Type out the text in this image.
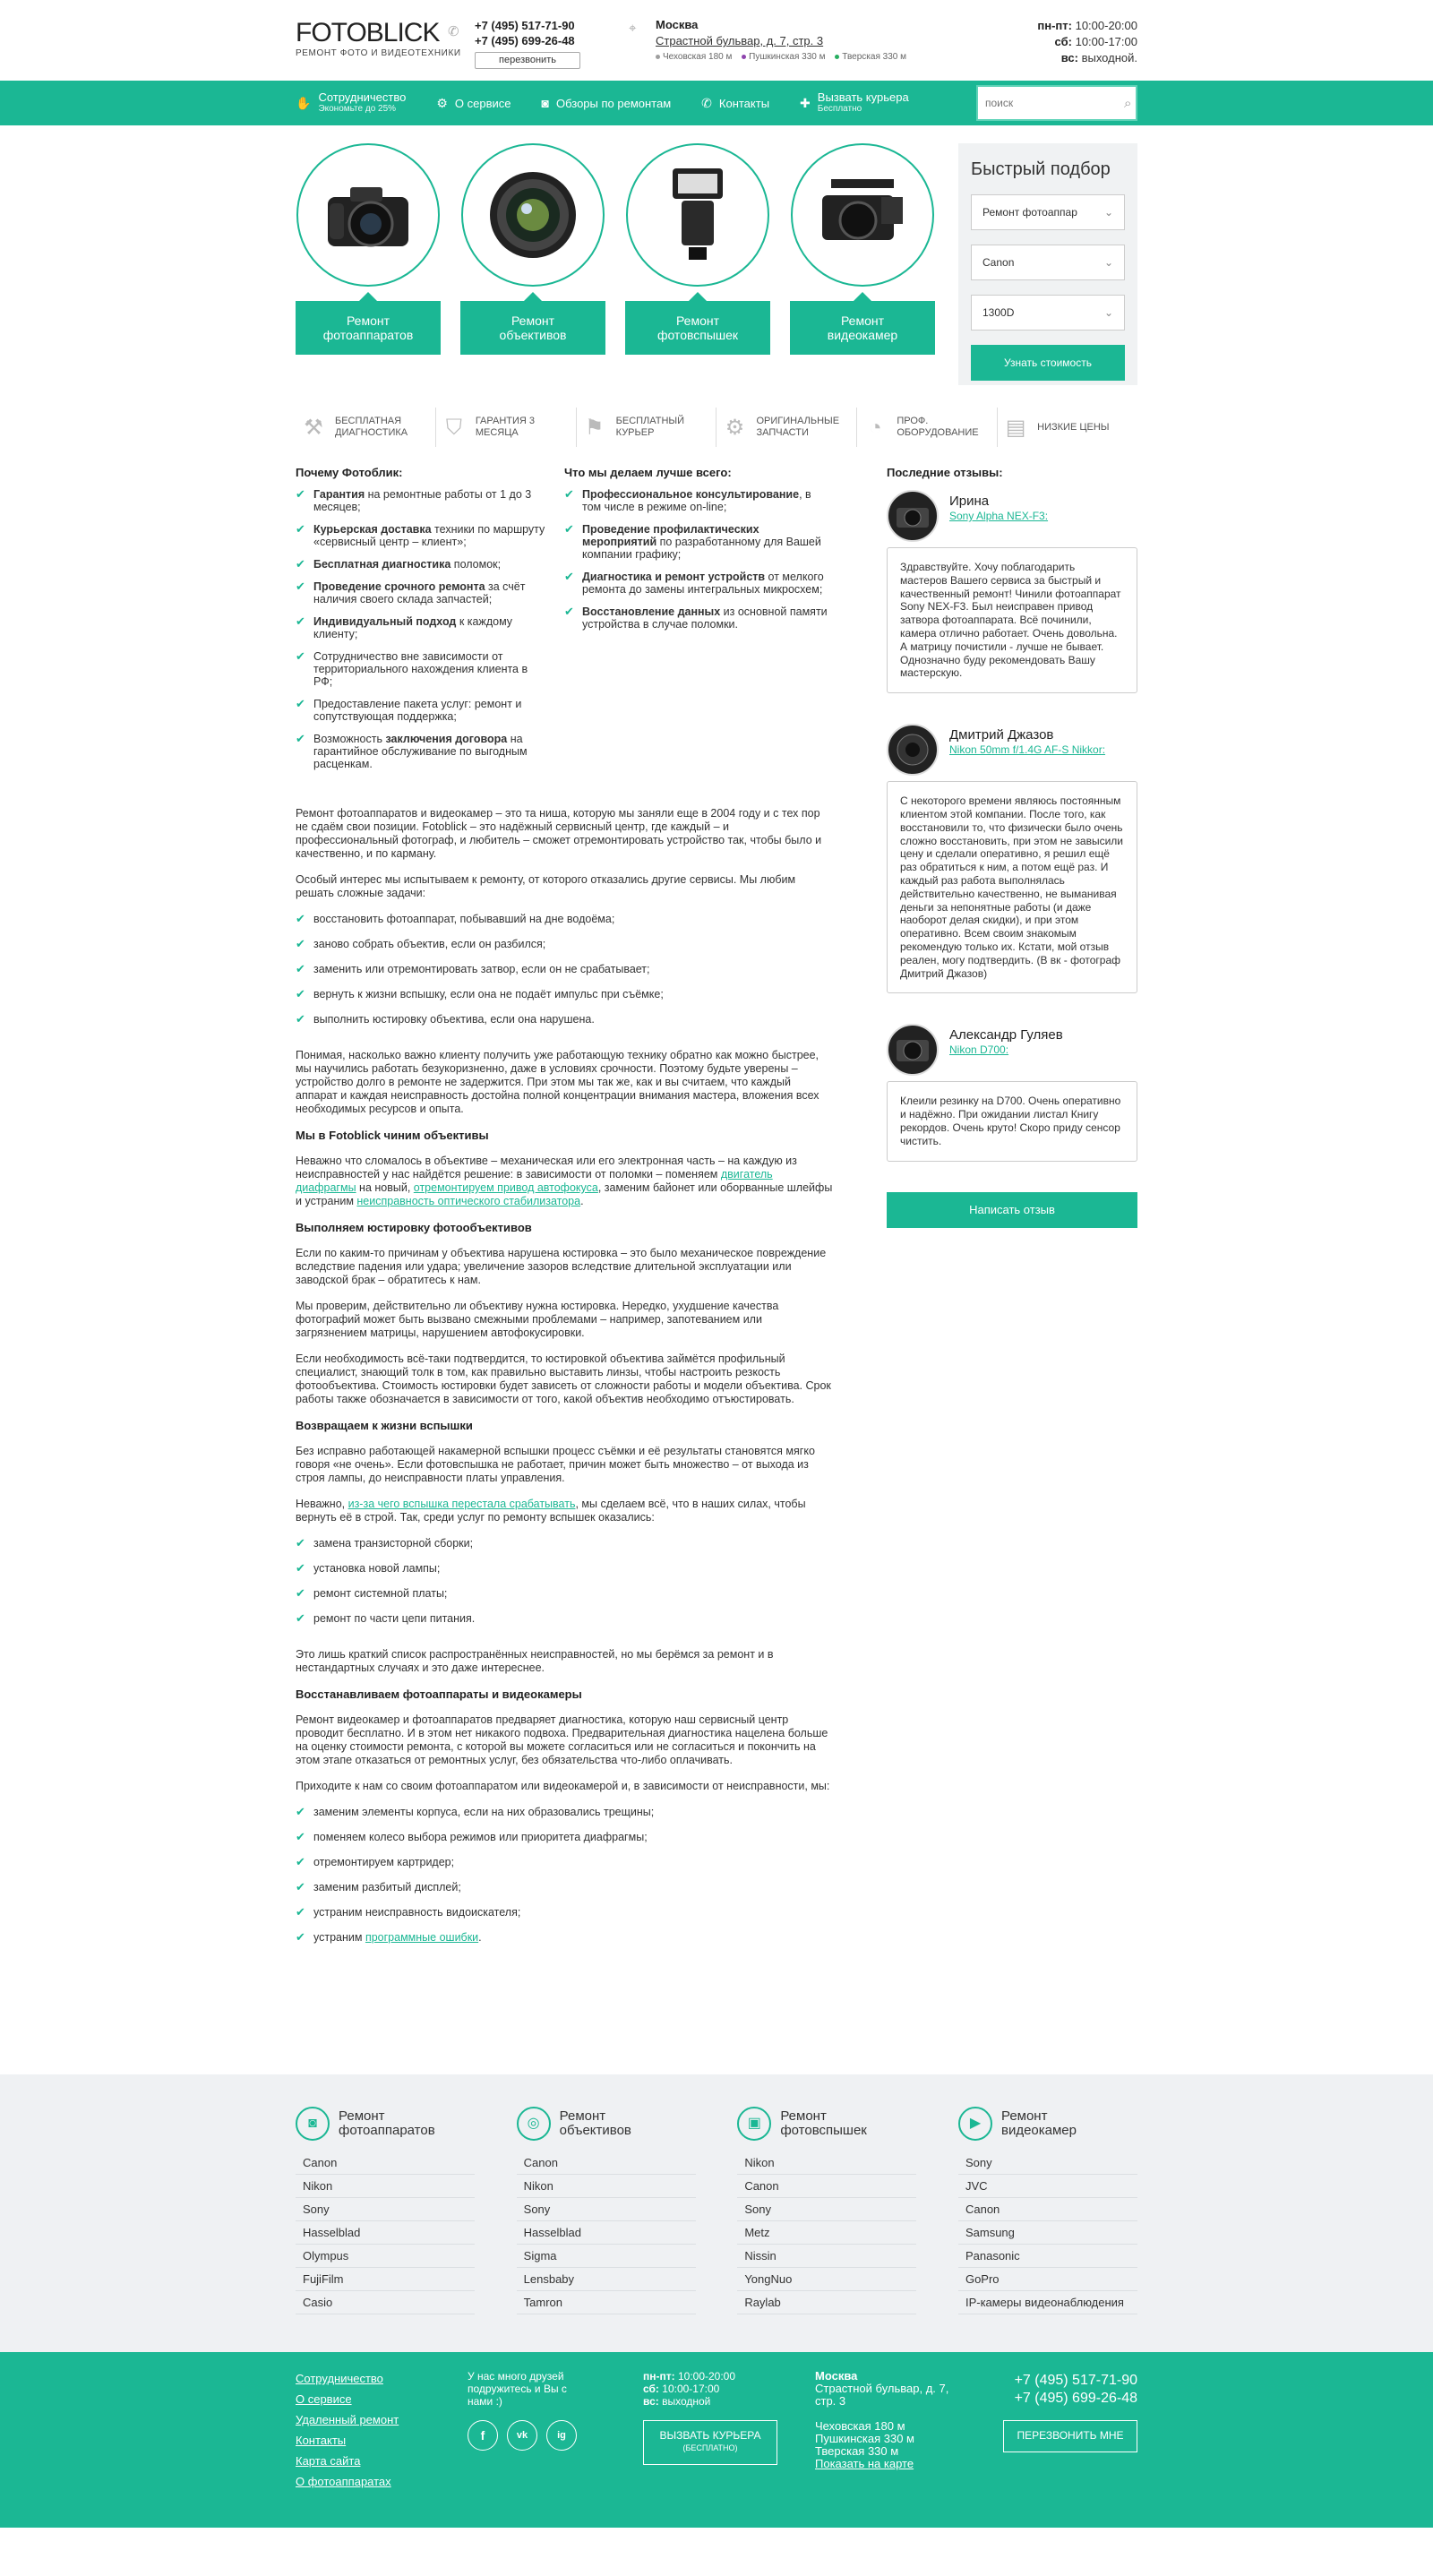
FOTOBLICK
РЕМОНТ ФОТО И ВИДЕОТЕХНИКИ
✆ +7 (495) 517-71-90
+7 (495) 699-26-48
перезвонить
⌖ Москва
Страстной бульвар, д. 7, стр. 3
Чеховская 180 м Пушкинская 330 м Тверская 330 м
пн-пт: 10:00-20:00
сб: 10:00-17:00
вс: выходной.
✋ Сотрудничество
Экономьте до 25%	⚙ О сервисе ◙ Обзоры по ремонтам ✆ Контакты ✚ Вызвать курьера
Бесплатно
поиск	⌕
Ремонт
фотоаппаратов
Ремонт
объективов
Ремонт
фотовспышек
Ремонт
видеокамер
Быстрый подбор
Ремонт фотоаппар	⌄
Canon	⌄
1300D	⌄
Узнать стоимость
⚒ БЕСПЛАТНАЯ
ДИАГНОСТИКА ⛉	ГАРАНТИЯ 3
МЕСЯЦА	⚑ БЕСПЛАТНЫЙ
КУРЬЕР	⚙ ОРИГИНАЛЬНЫЕ
ЗАПЧАСТИ	◔	ПРОФ.
ОБОРУДОВАНИЕ ▤ НИЗКИЕ ЦЕНЫ
Почему Фотоблик:
✔ Гарантия на ремонтные работы от 1 до 3 месяцев;
✔ Курьерская доставка техники по маршруту «сервисный центр – клиент»;
✔ Бесплатная диагностика поломок;
✔ Проведение срочного ремонта за счёт наличия своего склада запчастей;
✔ Индивидуальный подход к каждому клиенту;
✔ Сотрудничество вне зависимости от территориального нахождения клиента в РФ;
✔ Предоставление пакета услуг: ремонт и сопутствующая поддержка;
✔ Возможность заключения договора на гарантийное обслуживание по выгодным расценкам.
Что мы делаем лучше всего:
✔ Профессиональное консультирование, в том числе в режиме on-line;
✔ Проведение профилактических мероприятий по разработанному для Вашей компании графику;
✔ Диагностика и ремонт устройств от мелкого ремонта до замены интегральных микросхем;
✔ Восстановление данных из основной памяти устройства в случае поломки.

Ремонт фотоаппаратов и видеокамер – это та ниша, которую мы заняли еще в 2004 году и с тех пор не сдаём свои позиции. Fotoblick – это надёжный сервисный центр, где каждый – и профессиональный фотограф, и любитель – сможет отремонтировать устройство так, чтобы было и качественно, и по карману.

Особый интерес мы испытываем к ремонту, от которого отказались другие сервисы. Мы любим решать сложные задачи:

✔ восстановить фотоаппарат, побывавший на дне водоёма;
✔ заново собрать объектив, если он разбился;
✔ заменить или отремонтировать затвор, если он не срабатывает;
✔ вернуть к жизни вспышку, если она не подаёт импульс при съёмке;
✔ выполнить юстировку объектива, если она нарушена.

Понимая, насколько важно клиенту получить уже работающую технику обратно как можно быстрее, мы научились работать безукоризненно, даже в условиях срочности. Поэтому будьте уверены – устройство долго в ремонте не задержится. При этом мы так же, как и вы считаем, что каждый аппарат и каждая неисправность достойна полной концентрации внимания мастера, вложения всех необходимых ресурсов и опыта.

Мы в Fotoblick чиним объективы

Неважно что сломалось в объективе – механическая или его электронная часть – на каждую из неисправностей у нас найдётся решение: в зависимости от поломки – поменяем двигатель диафрагмы на новый, отремонтируем привод автофокуса, заменим байонет или оборванные шлейфы и устраним неисправность оптического стабилизатора.

Выполняем юстировку фотообъективов

Если по каким-то причинам у объектива нарушена юстировка – это было механическое повреждение вследствие падения или удара; увеличение зазоров вследствие длительной эксплуатации или заводской брак – обратитесь к нам.

Мы проверим, действительно ли объективу нужна юстировка. Нередко, ухудшение качества фотографий может быть вызвано смежными проблемами – например, запотеванием или загрязнением матрицы, нарушением автофокусировки.

Если необходимость всё-таки подтвердится, то юстировкой объектива займётся профильный специалист, знающий толк в том, как правильно выставить линзы, чтобы настроить резкость фотообъектива. Стоимость юстировки будет зависеть от сложности работы и модели объектива. Срок работы также обозначается в зависимости от того, какой объектив необходимо отъюстировать.

Возвращаем к жизни вспышки

Без исправно работающей накамерной вспышки процесс съёмки и её результаты становятся мягко говоря «не очень». Если фотовспышка не работает, причин может быть множество – от выхода из строя лампы, до неисправности платы управления.

Неважно, из-за чего вспышка перестала срабатывать, мы сделаем всё, что в наших силах, чтобы вернуть её в строй. Так, среди услуг по ремонту вспышек оказались:

✔ замена транзисторной сборки;
✔ установка новой лампы;
✔ ремонт системной платы;
✔ ремонт по части цепи питания.

Это лишь краткий список распространённых неисправностей, но мы берёмся за ремонт и в нестандартных случаях и это даже интереснее.

Восстанавливаем фотоаппараты и видеокамеры

Ремонт видеокамер и фотоаппаратов предваряет диагностика, которую наш сервисный центр проводит бесплатно. И в этом нет никакого подвоха. Предварительная диагностика нацелена больше на оценку стоимости ремонта, с которой вы можете согласиться или не согласиться и покончить на этом этапе отказаться от ремонтных услуг, без обязательства что-либо оплачивать.

Приходите к нам со своим фотоаппаратом или видеокамерой и, в зависимости от неисправности, мы:

✔ заменим элементы корпуса, если на них образовались трещины;
✔ поменяем колесо выбора режимов или приоритета диафрагмы;
✔ отремонтируем картридер;
✔ заменим разбитый дисплей;
✔ устраним неисправность видоискателя;
✔ устраним программные ошибки.
Последние отзывы:
Ирина
Sony Alpha NEX-F3:
Здравствуйте. Хочу поблагодарить мастеров Вашего сервиса за быстрый и качественный ремонт! Чинили фотоаппарат Sony NEX-F3. Был неисправен привод затвора фотоаппарата. Всё починили, камера отлично работает. Очень довольна. А матрицу почистили - лучше не бывает. Однозначно буду рекомендовать Вашу мастерскую.
Дмитрий Джазов
Nikon 50mm f/1.4G AF-S Nikkor:
С некоторого времени являюсь постоянным клиентом этой компании. После того, как восстановили то, что физически было очень сложно восстановить, при этом не завысили цену и сделали оперативно, я решил ещё раз обратиться к ним, а потом ещё раз. И каждый раз работа выполнялась действительно качественно, не выманивая деньги за непонятные работы (и даже наоборот делая скидки), и при этом оперативно. Всем своим знакомым рекомендую только их. Кстати, мой отзыв реален, могу подтвердить. (В вк - фотограф Дмитрий Джазов)
Александр Гуляев
Nikon D700:
Клеили резинку на D700. Очень оперативно и надёжно. При ожидании листал Книгу рекордов. Очень круто! Скоро приду сенсор чистить.
Написать отзыв
◙	Ремонт
фотоаппаратов
Canon
Nikon
Sony
Hasselblad
Olympus
FujiFilm
Casio
◎	Ремонт
объективов
Canon
Nikon
Sony
Hasselblad
Sigma
Lensbaby
Tamron
▣	Ремонт
фотовспышек
Nikon
Canon
Sony
Metz
Nissin
YongNuo
Raylab
▶	Ремонт
видеокамер
Sony
JVC
Canon
Samsung
Panasonic
GoPro
IP-камеры видеонаблюдения
Сотрудничество
О сервисе
Удаленный ремонт
Контакты
Карта сайта
О фотоаппаратах
У нас много друзей подружитесь и Вы с нами :)
f	vk	ig
пн-пт: 10:00-20:00
сб: 10:00-17:00
вс: выходной
ВЫЗВАТЬ КУРЬЕРА
(БЕСПЛАТНО)
Москва
Страстной бульвар, д. 7, стр. 3
Чеховская 180 м
Пушкинская 330 м
Тверская 330 м
Показать на карте
+7 (495) 517-71-90
+7 (495) 699-26-48
ПЕРЕЗВОНИТЬ МНЕ
